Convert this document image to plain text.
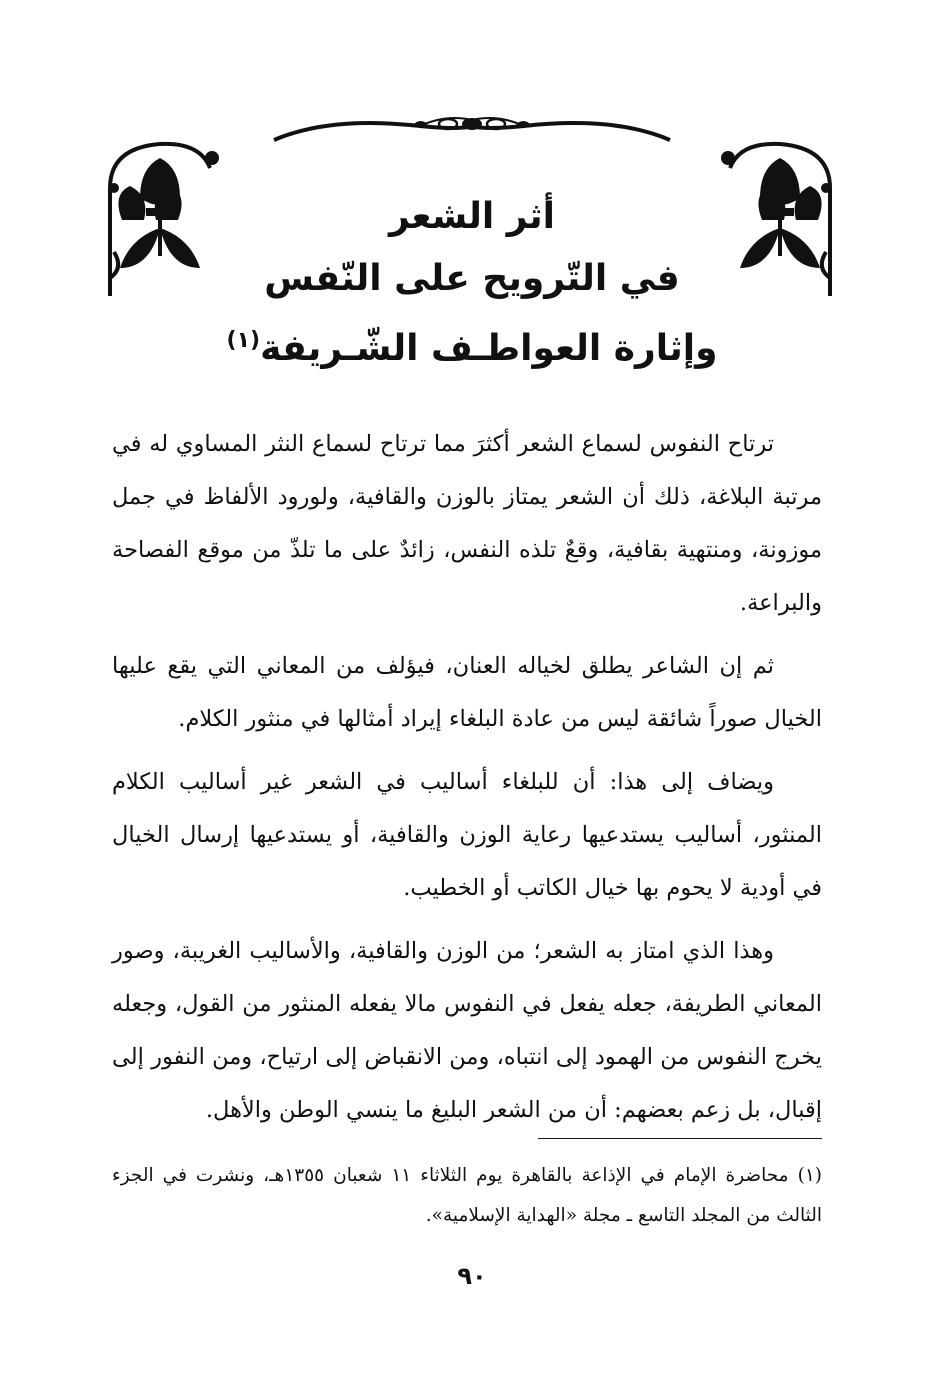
أثر الشعر

في التّرويح على النّفس

وإثارة العواطـف الشّـريفة$^{(١)}$

ترتاح النفوس لسماع الشعر أكثرَ مما ترتاح لسماع النثر المساوي له في مرتبة البلاغة، ذلك أن الشعر يمتاز بالوزن والقافية، ولورود الألفاظ في جمل موزونة، ومنتهية بقافية، وقعٌ تلذه النفس، زائدٌ على ما تلذّ من موقع الفصاحة والبراعة.

ثم إن الشاعر يطلق لخياله العنان، فيؤلف من المعاني التي يقع عليها الخيال صوراً شائقة ليس من عادة البلغاء إيراد أمثالها في منثور الكلام.

ويضاف إلى هذا: أن للبلغاء أساليب في الشعر غير أساليب الكلام المنثور، أساليب يستدعيها رعاية الوزن والقافية، أو يستدعيها إرسال الخيال في أودية لا يحوم بها خيال الكاتب أو الخطيب.

وهذا الذي امتاز به الشعر؛ من الوزن والقافية، والأساليب الغريبة، وصور المعاني الطريفة، جعله يفعل في النفوس مالا يفعله المنثور من القول، وجعله يخرج النفوس من الهمود إلى انتباه، ومن الانقباض إلى ارتياح، ومن النفور إلى إقبال، بل زعم بعضهم: أن من الشعر البليغ ما ينسي الوطن والأهل.

(١) محاضرة الإمام في الإذاعة بالقاهرة يوم الثلاثاء ١١ شعبان ١٣٥٥هـ، ونشرت في الجزء الثالث من المجلد التاسع ـ مجلة «الهداية الإسلامية».

٩٠
